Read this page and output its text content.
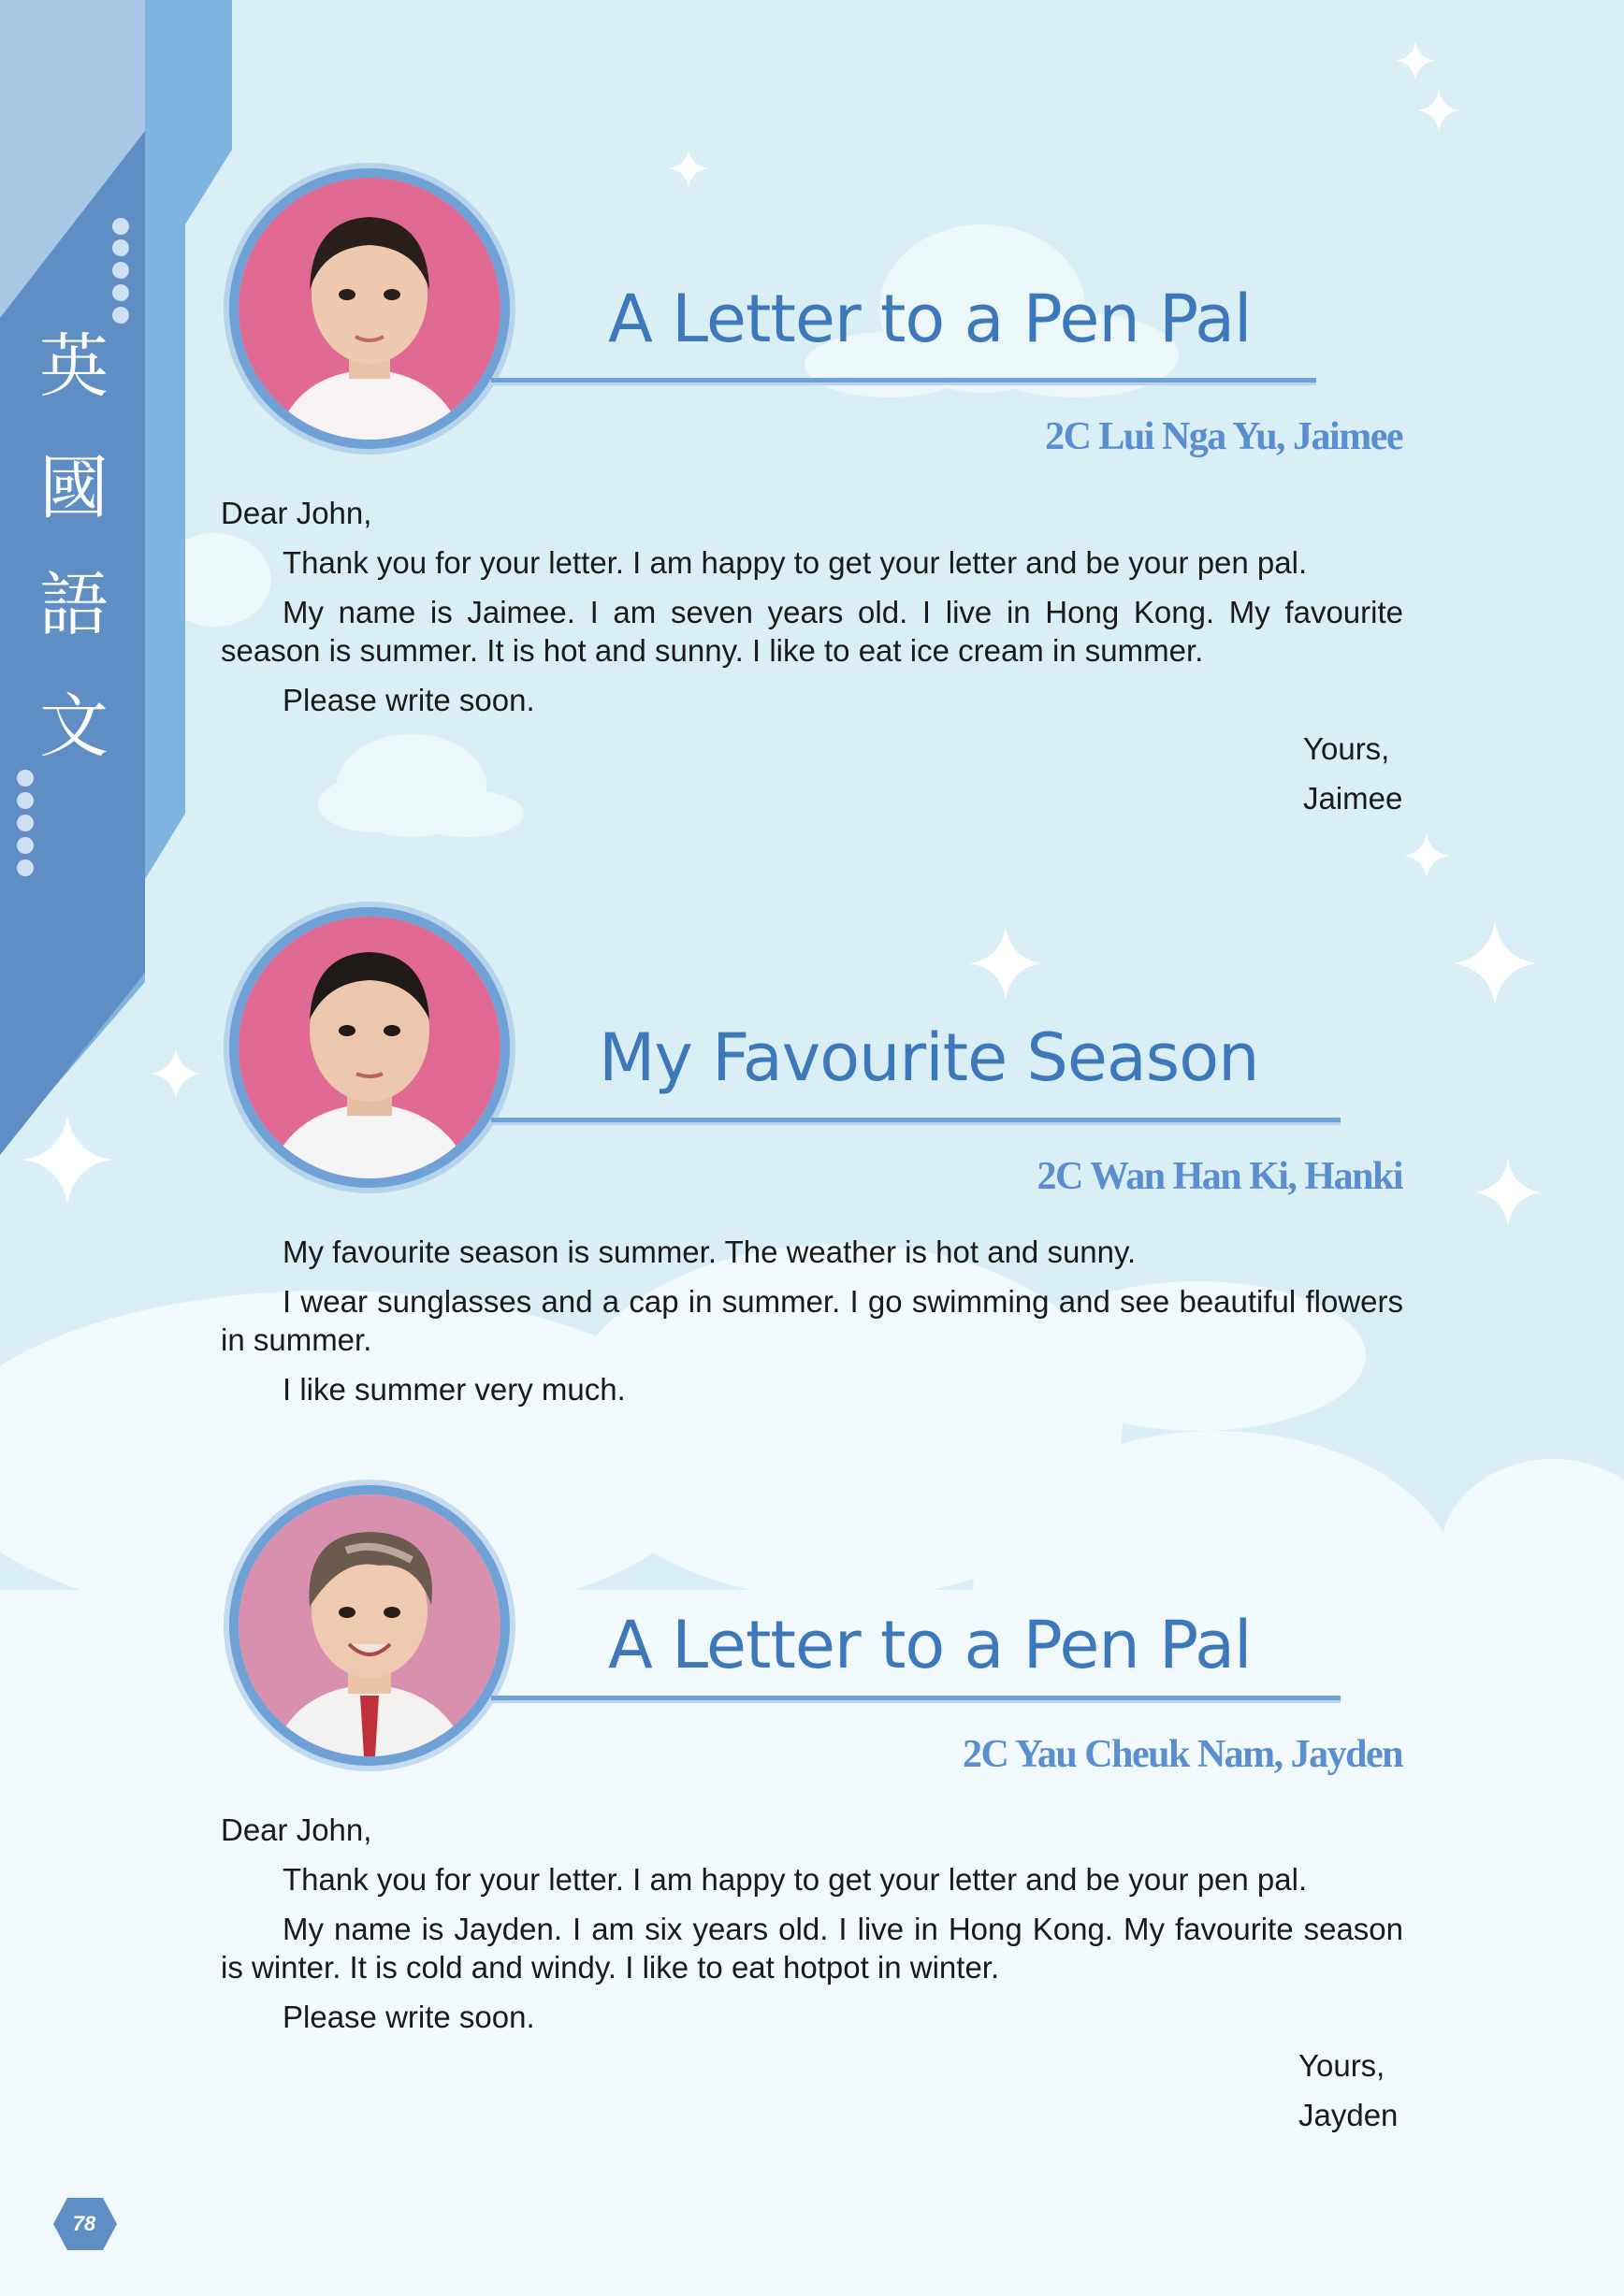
英
國
語
文
A Letter to a Pen Pal
2C Lui Nga Yu, Jaimee

Dear John,

Thank you for your letter. I am happy to get your letter and be your pen pal.

My name is Jaimee. I am seven years old. I live in Hong Kong. My favourite season is summer. It is hot and sunny. I like to eat ice cream in summer.

Please write soon.

Yours,
Jaimee
My Favourite Season
2C Wan Han Ki, Hanki

My favourite season is summer. The weather is hot and sunny.

I wear sunglasses and a cap in summer. I go swimming and see beautiful flowers in summer.

I like summer very much.

A Letter to a Pen Pal
2C Yau Cheuk Nam, Jayden

Dear John,

Thank you for your letter. I am happy to get your letter and be your pen pal.

My name is Jayden. I am six years old. I live in Hong Kong. My favourite season is winter. It is cold and windy. I like to eat hotpot in winter.

Please write soon.

Yours,
Jayden
78
